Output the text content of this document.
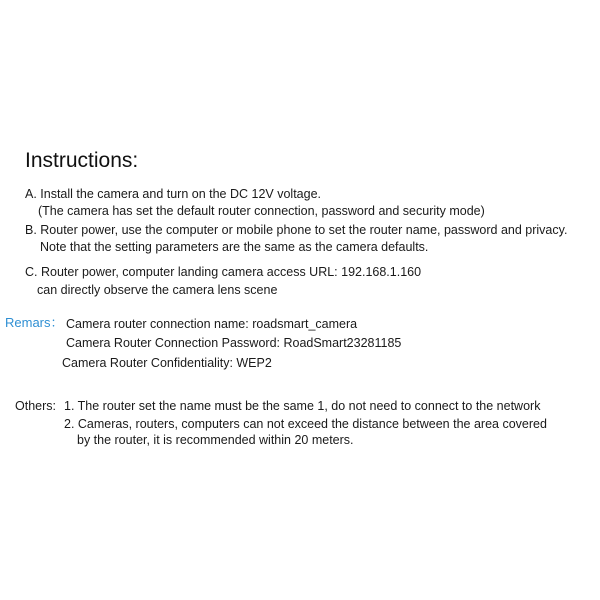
Instructions:
A. Install the camera and turn on the DC 12V voltage.
(The camera has set the default router connection, password and security mode)
B. Router power, use the computer or mobile phone to set the router name, password and privacy.
Note that the setting parameters are the same as the camera defaults.
C. Router power, computer landing camera access URL: 192.168.1.160
can directly observe the camera lens scene
Remars： Camera router connection name: roadsmart_camera
Camera Router Connection Password: RoadSmart23281185
Camera Router Confidentiality: WEP2
Others: 1. The router set the name must be the same 1, do not need to connect to the network
2. Cameras, routers, computers can not exceed the distance between the area covered
by the router, it is recommended within 20 meters.
